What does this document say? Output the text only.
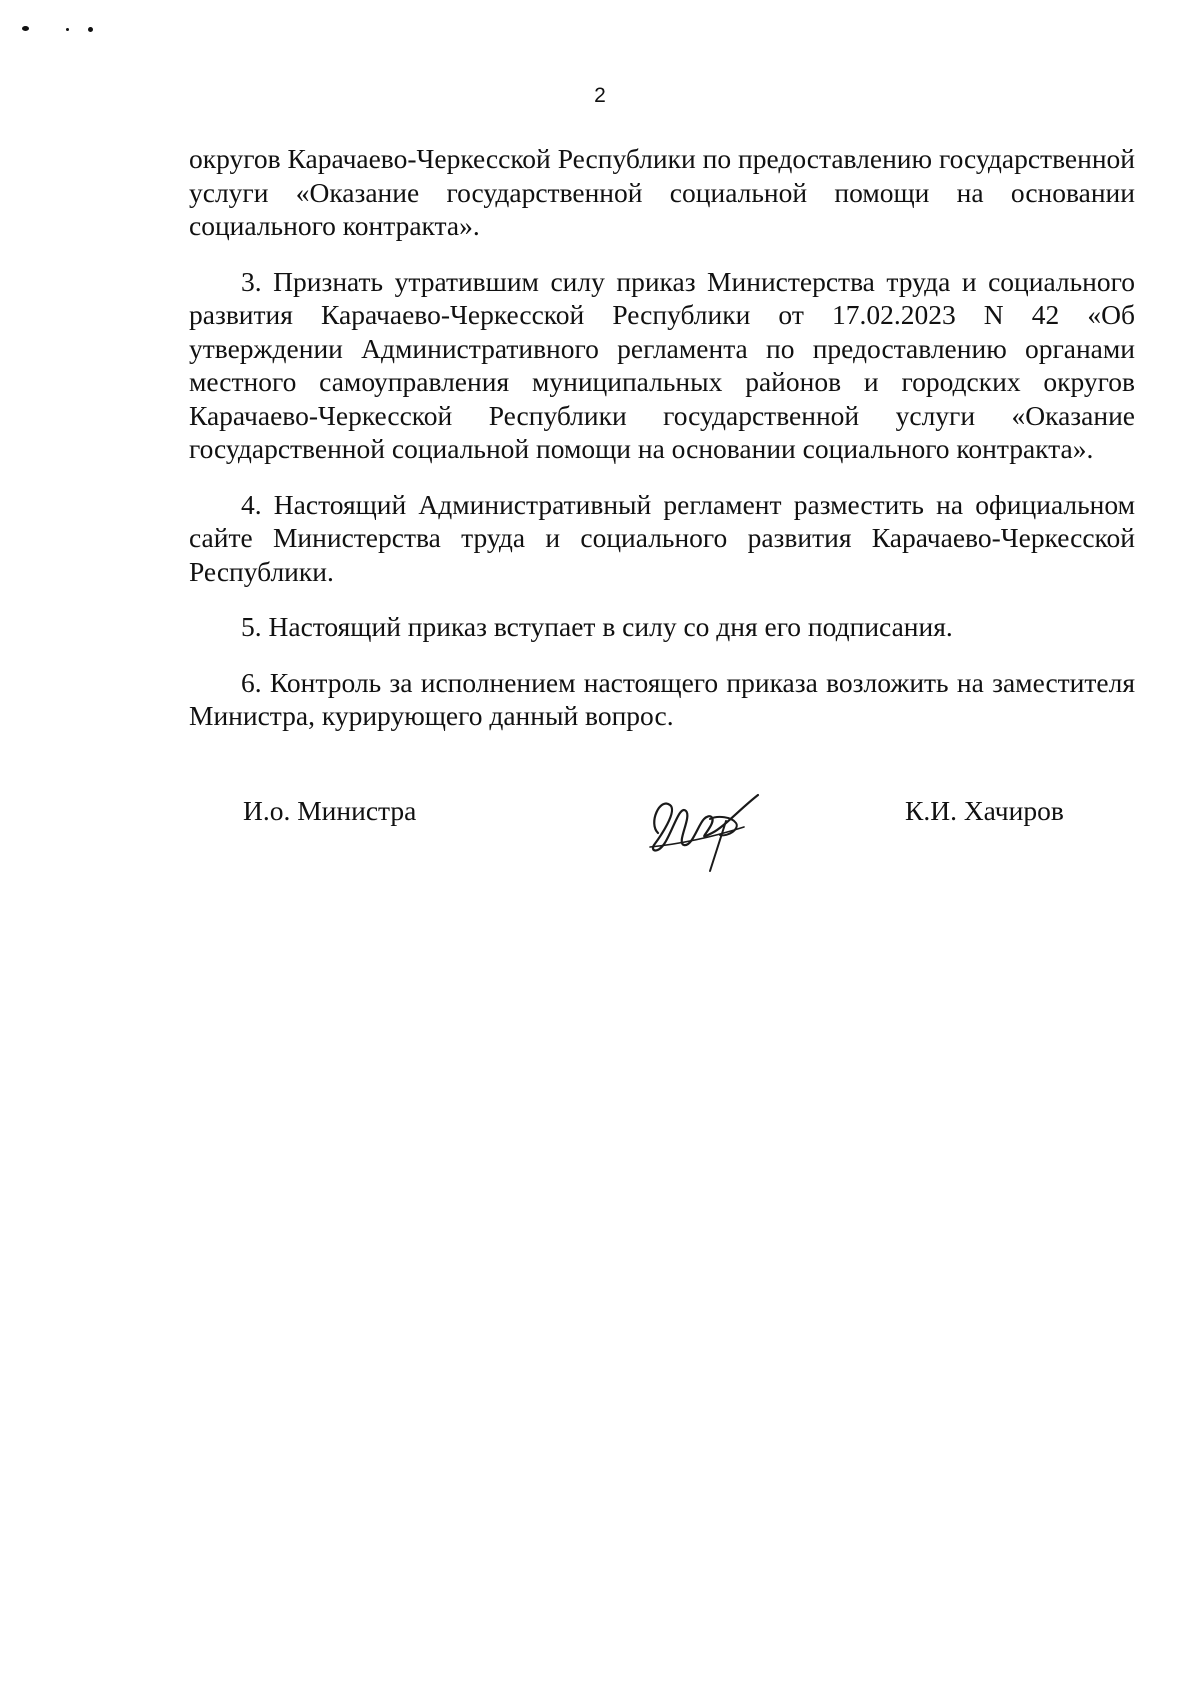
2

округов Карачаево-Черкесской Республики по предоставлению государственной услуги «Оказание государственной социальной помощи на основании социального контракта».

3. Признать утратившим силу приказ Министерства труда и социального развития Карачаево-Черкесской Республики от 17.02.2023 N 42 «Об утверждении Административного регламента по предоставлению органами местного самоуправления муниципальных районов и городских округов Карачаево-Черкесской Республики государственной услуги «Оказание государственной социальной помощи на основании социального контракта».

4. Настоящий Административный регламент разместить на официальном сайте Министерства труда и социального развития Карачаево-Черкесской Республики.

5. Настоящий приказ вступает в силу со дня его подписания.

6. Контроль за исполнением настоящего приказа возложить на заместителя Министра, курирующего данный вопрос.

И.о. Министра	К.И. Хачиров
